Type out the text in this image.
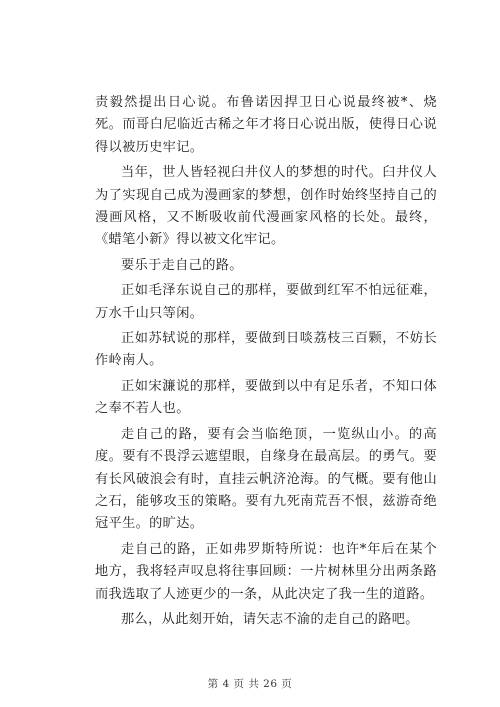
责毅然提出日心说。布鲁诺因捍卫日心说最终被*、烧死。而哥白尼临近古稀之年才将日心说出版，使得日心说得以被历史牢记。

当年，世人皆轻视臼井仪人的梦想的时代。臼井仪人为了实现自己成为漫画家的梦想，创作时始终坚持自己的漫画风格，又不断吸收前代漫画家风格的长处。最终，《蜡笔小新》得以被文化牢记。

要乐于走自己的路。

正如毛泽东说自己的那样，要做到红军不怕远征难，万水千山只等闲。

正如苏轼说的那样，要做到日啖荔枝三百颗，不妨长作岭南人。

正如宋濂说的那样，要做到以中有足乐者，不知口体之奉不若人也。

走自己的路，要有会当临绝顶，一览纵山小。的高度。要有不畏浮云遮望眼，自缘身在最高层。的勇气。要有长风破浪会有时，直挂云帆济沧海。的气概。要有他山之石，能够攻玉的策略。要有九死南荒吾不恨，兹游奇绝冠平生。的旷达。

走自己的路，正如弗罗斯特所说：也许*年后在某个地方，我将轻声叹息将往事回顾：一片树林里分出两条路而我选取了人迹更少的一条，从此决定了我一生的道路。

那么，从此刻开始，请矢志不渝的走自己的路吧。

第 4 页 共 26 页
